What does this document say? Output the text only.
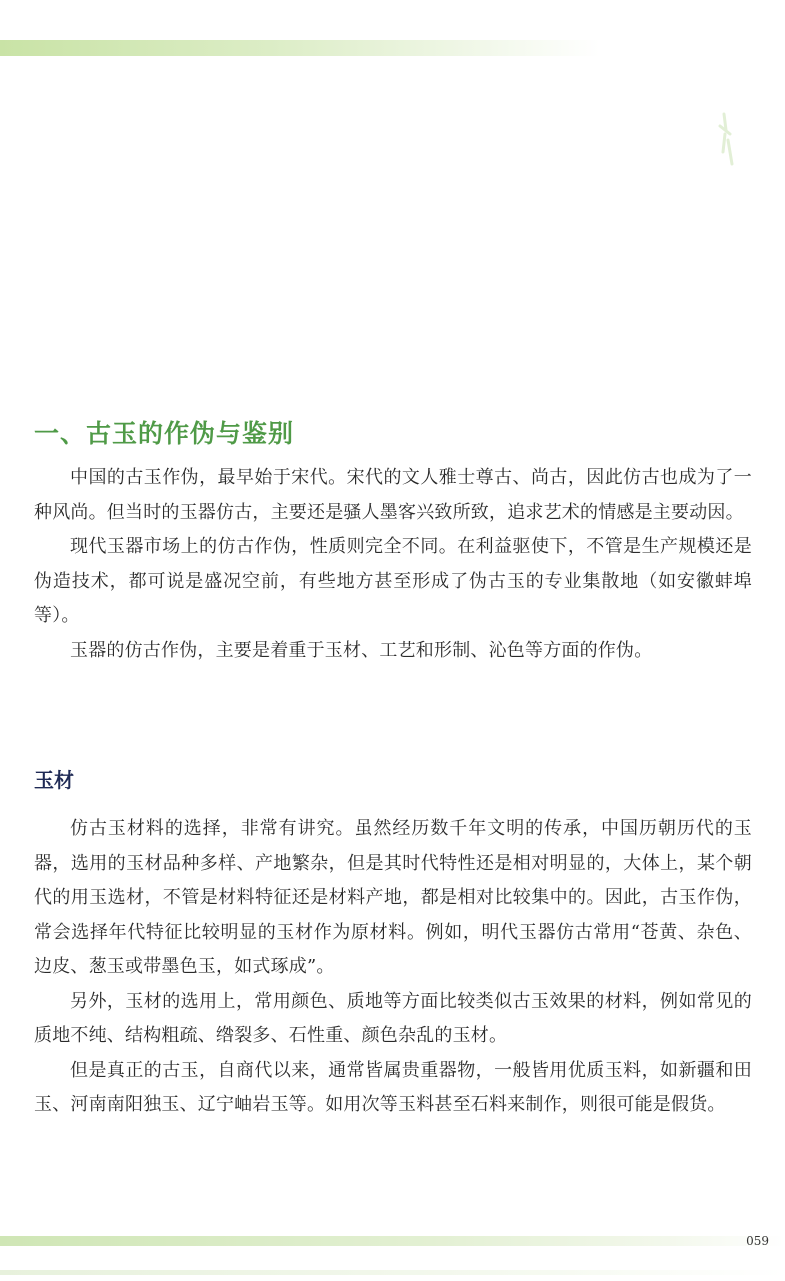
一、古玉的作伪与鉴别

中国的古玉作伪，最早始于宋代。宋代的文人雅士尊古、尚古，因此仿古也成为了一种风尚。但当时的玉器仿古，主要还是骚人墨客兴致所致，追求艺术的情感是主要动因。

现代玉器市场上的仿古作伪，性质则完全不同。在利益驱使下，不管是生产规模还是伪造技术，都可说是盛况空前，有些地方甚至形成了伪古玉的专业集散地（如安徽蚌埠等）。

玉器的仿古作伪，主要是着重于玉材、工艺和形制、沁色等方面的作伪。

玉材

仿古玉材料的选择，非常有讲究。虽然经历数千年文明的传承，中国历朝历代的玉器，选用的玉材品种多样、产地繁杂，但是其时代特性还是相对明显的，大体上，某个朝代的用玉选材，不管是材料特征还是材料产地，都是相对比较集中的。因此，古玉作伪，常会选择年代特征比较明显的玉材作为原材料。例如，明代玉器仿古常用“苍黄、杂色、边皮、葱玉或带墨色玉，如式琢成”。

另外，玉材的选用上，常用颜色、质地等方面比较类似古玉效果的材料，例如常见的质地不纯、结构粗疏、绺裂多、石性重、颜色杂乱的玉材。

但是真正的古玉，自商代以来，通常皆属贵重器物，一般皆用优质玉料，如新疆和田玉、河南南阳独玉、辽宁岫岩玉等。如用次等玉料甚至石料来制作，则很可能是假货。

059
